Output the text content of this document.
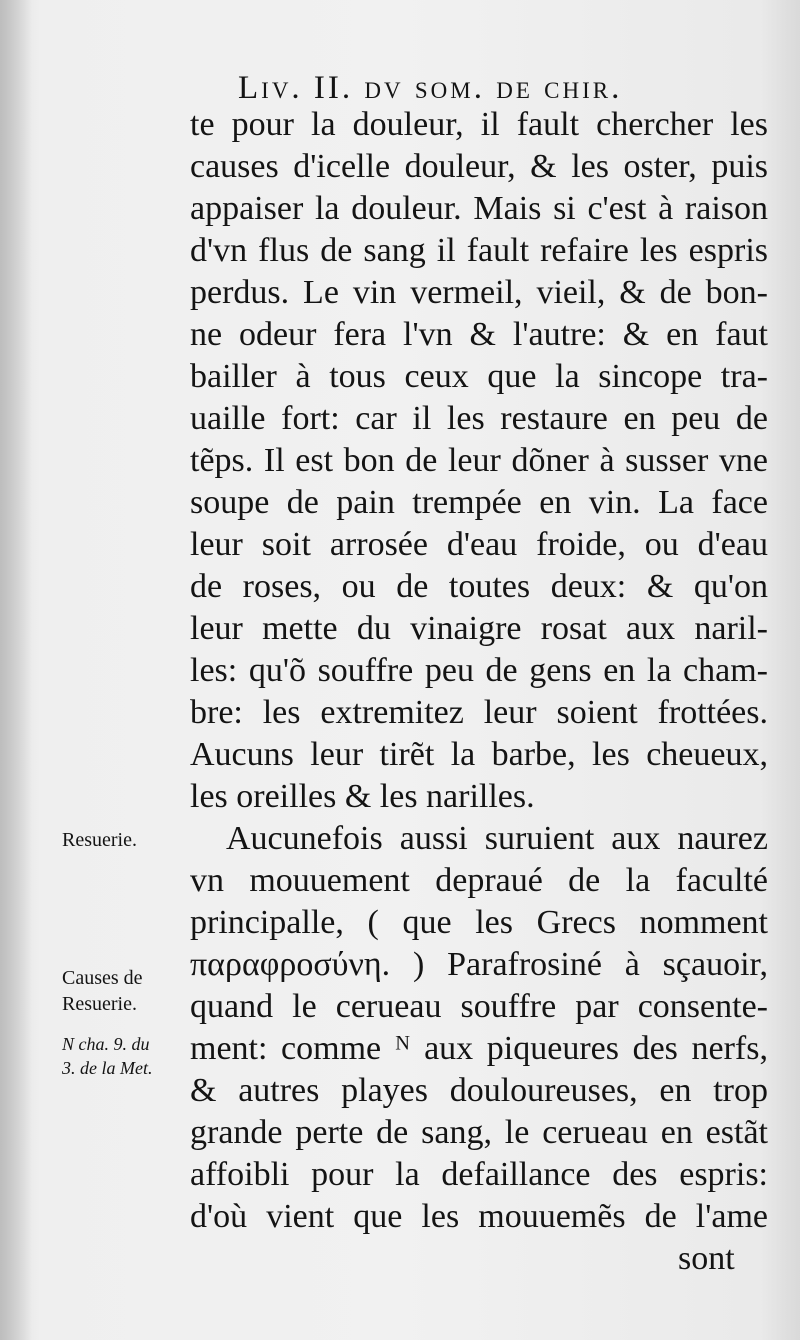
Liv. II. dv som. de chir.
te pour la douleur, il fault chercher les
causes d'icelle douleur, & les oster, puis
appaiser la douleur. Mais si c'est à raison
d'vn flus de sang il fault refaire les espris
perdus. Le vin vermeil, vieil, & de bon-
ne odeur fera l'vn & l'autre: & en faut
bailler à tous ceux que la sincope tra-
uaille fort: car il les restaure en peu de
tẽps. Il est bon de leur dõner à susser vne
soupe de pain trempée en vin. La face
leur soit arrosée d'eau froide, ou d'eau
de roses, ou de toutes deux: & qu'on
leur mette du vinaigre rosat aux naril-
les: qu'õ souffre peu de gens en la cham-
bre: les extremitez leur soient frottées.
Aucuns leur tirẽt la barbe, les cheueux,
les oreilles & les narilles.
Aucunefois aussi suruient aux naurez
vn mouuement depraué de la faculté
principalle, ( que les Grecs nomment
παραφροσύνη. ) Parafrosiné à sçauoir,
quand le cerueau souffre par consente-
ment: comme ᴺ aux piqueures des nerfs,
& autres playes douloureuses, en trop
grande perte de sang, le cerueau en estãt
affoibli pour la defaillance des espris:
d'où vient que les mouuemẽs de l'ame
sont
Resuerie.
Causes de
Resuerie.
N cha. 9. du
3. de la Met.
